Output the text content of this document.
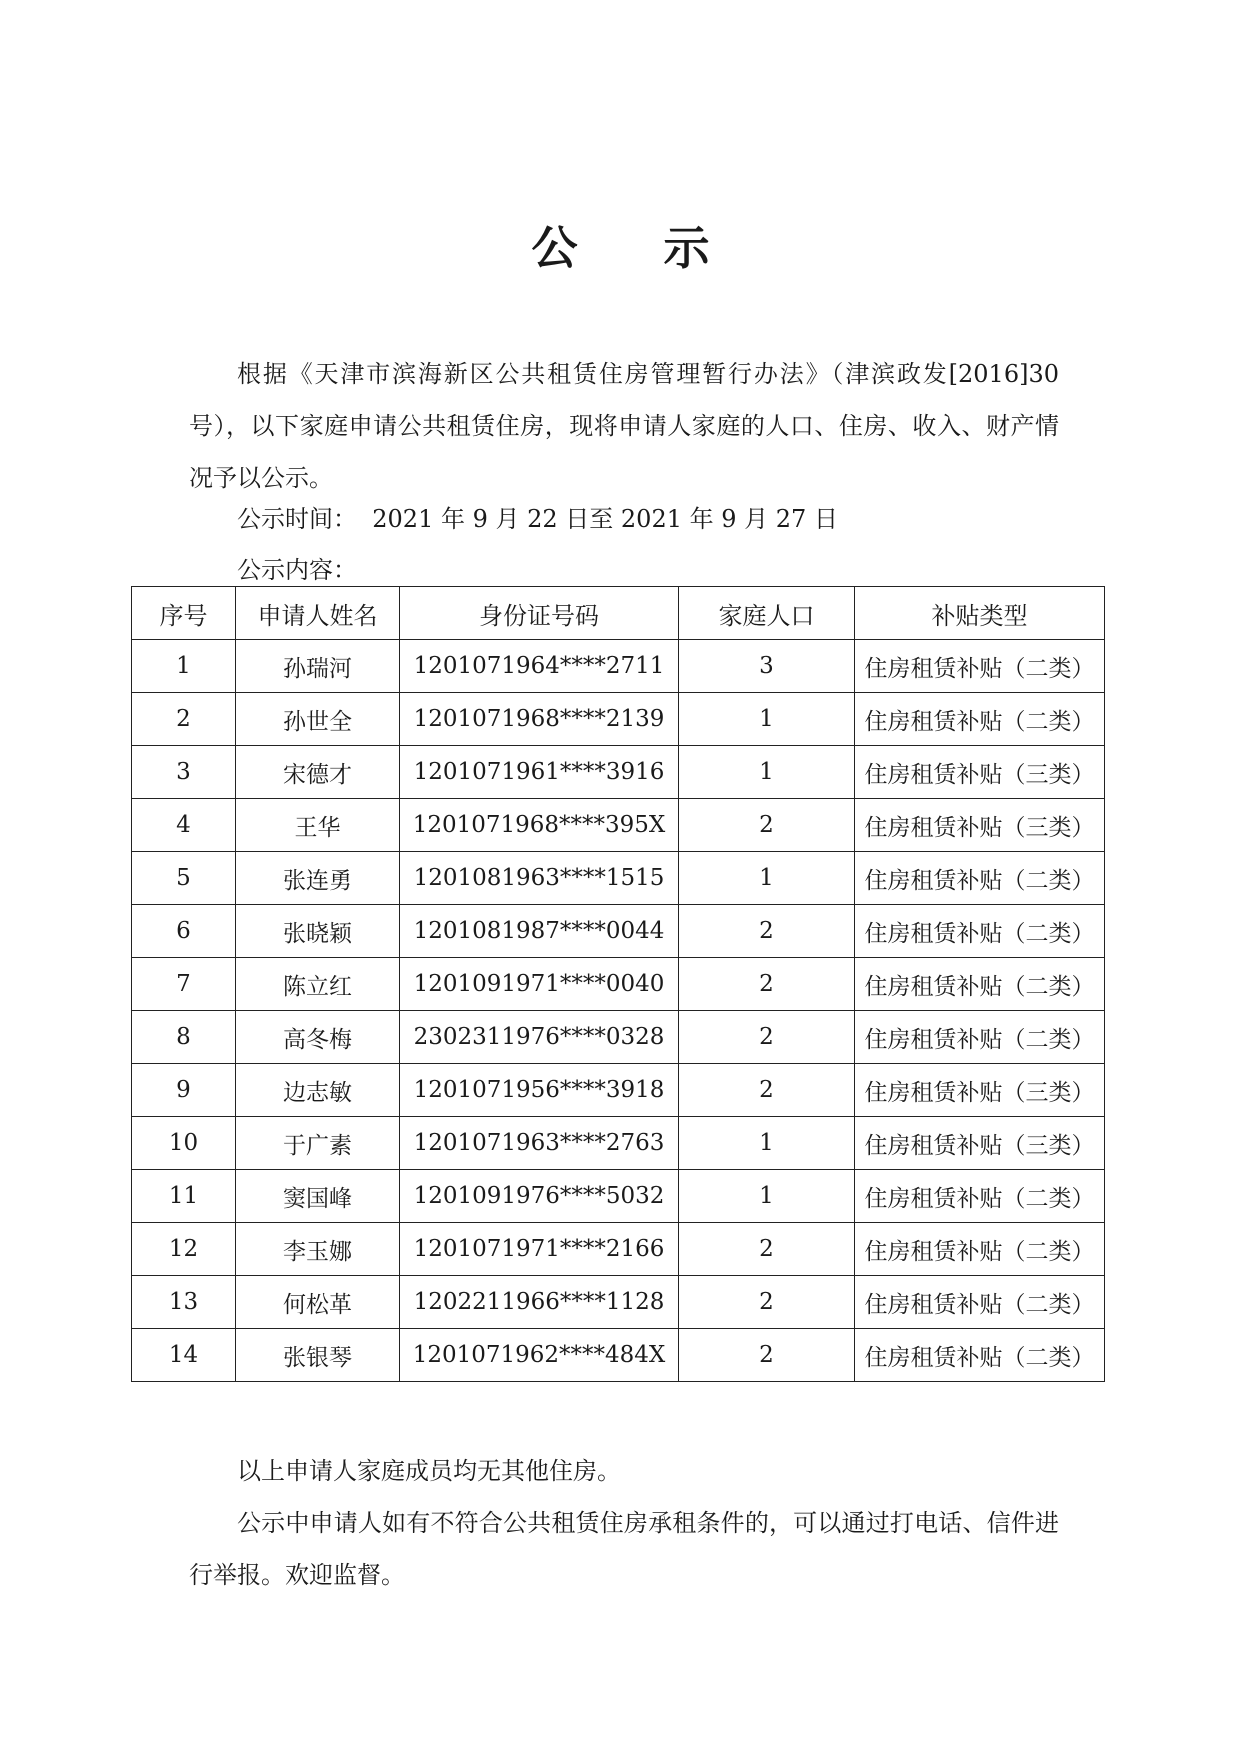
公 示

根据《天津市滨海新区公共租赁住房管理暂行办法》（津滨政发[2016]30号），以下家庭申请公共租赁住房，现将申请人家庭的人口、住房、收入、财产情况予以公示。

公示时间：  2021 年 9 月 22 日至 2021 年 9 月 27 日

公示内容：

序号	申请人姓名	身份证号码	家庭人口	补贴类型
1	孙瑞河	1201071964****2711	3	住房租赁补贴（二类）
2	孙世全	1201071968****2139	1	住房租赁补贴（二类）
3	宋德才	1201071961****3916	1	住房租赁补贴（三类）
4	王华	1201071968****395X	2	住房租赁补贴（三类）
5	张连勇	1201081963****1515	1	住房租赁补贴（二类）
6	张晓颖	1201081987****0044	2	住房租赁补贴（二类）
7	陈立红	1201091971****0040	2	住房租赁补贴（二类）
8	高冬梅	2302311976****0328	2	住房租赁补贴（二类）
9	边志敏	1201071956****3918	2	住房租赁补贴（三类）
10	于广素	1201071963****2763	1	住房租赁补贴（三类）
11	窦国峰	1201091976****5032	1	住房租赁补贴（二类）
12	李玉娜	1201071971****2166	2	住房租赁补贴（二类）
13	何松革	1202211966****1128	2	住房租赁补贴（二类）
14	张银琴	1201071962****484X	2	住房租赁补贴（二类）

以上申请人家庭成员均无其他住房。

公示中申请人如有不符合公共租赁住房承租条件的，可以通过打电话、信件进行举报。欢迎监督。
